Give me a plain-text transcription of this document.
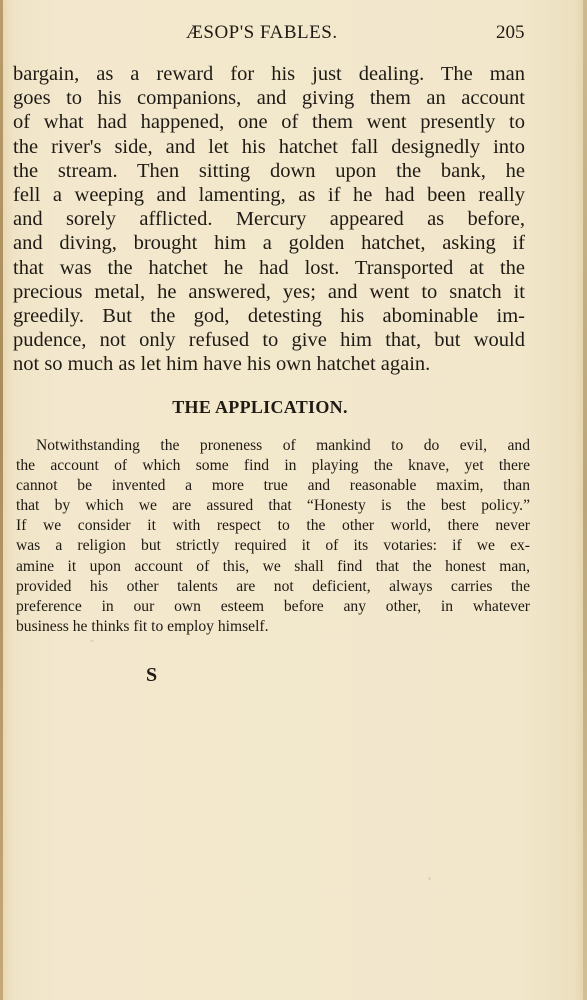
ÆSOP'S FABLES.	205
bargain, as a reward for his just dealing. The man
goes to his companions, and giving them an account
of what had happened, one of them went presently to
the river's side, and let his hatchet fall designedly into
the stream. Then sitting down upon the bank, he
fell a weeping and lamenting, as if he had been really
and sorely afflicted. Mercury appeared as before,
and diving, brought him a golden hatchet, asking if
that was the hatchet he had lost. Transported at the
precious metal, he answered, yes; and went to snatch it
greedily. But the god, detesting his abominable im-
pudence, not only refused to give him that, but would
not so much as let him have his own hatchet again.
THE APPLICATION.
Notwithstanding the proneness of mankind to do evil, and
the account of which some find in playing the knave, yet there
cannot be invented a more true and reasonable maxim, than
that by which we are assured that “Honesty is the best policy.”
If we consider it with respect to the other world, there never
was a religion but strictly required it of its votaries: if we ex-
amine it upon account of this, we shall find that the honest man,
provided his other talents are not deficient, always carries the
preference in our own esteem before any other, in whatever
business he thinks fit to employ himself.
S
